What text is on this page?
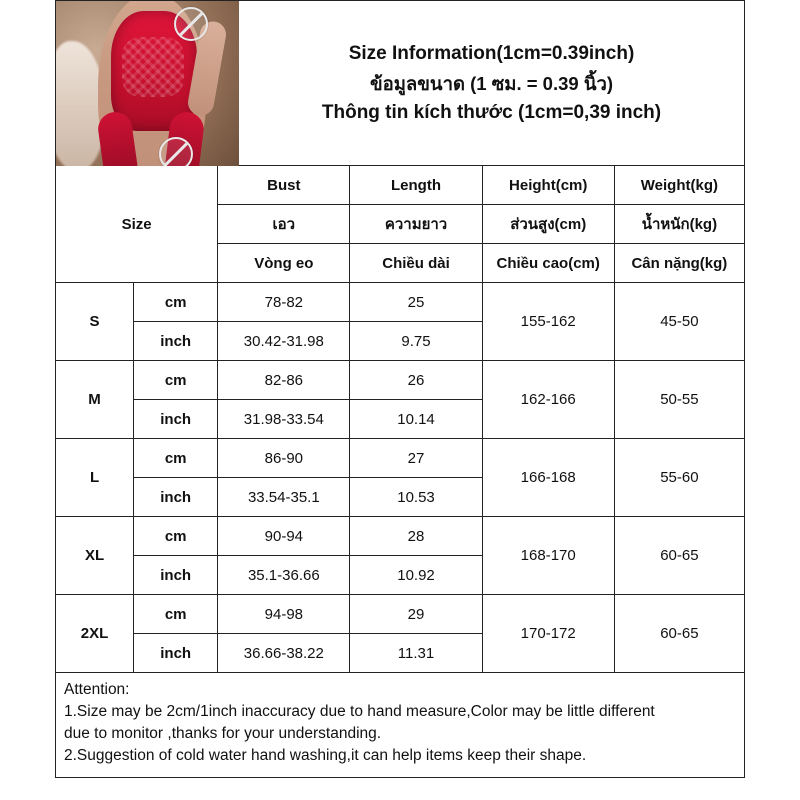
Size Information(1cm=0.39inch)
ข้อมูลขนาด (1 ซม. = 0.39 นิ้ว)
Thông tin kích thước (1cm=0,39 inch)
Size		Bust	Length	Height(cm)	Weight(kg)
		เอว	ความยาว	ส่วนสูง(cm)	น้ำหนัก(kg)
		Vòng eo	Chiều dài	Chiều cao(cm)	Cân nặng(kg)
S	cm	78-82	25	155-162	45-50
	inch	30.42-31.98	9.75		
M	cm	82-86	26	162-166	50-55
	inch	31.98-33.54	10.14		
L	cm	86-90	27	166-168	55-60
	inch	33.54-35.1	10.53		
XL	cm	90-94	28	168-170	60-65
	inch	35.1-36.66	10.92		
2XL	cm	94-98	29	170-172	60-65
	inch	36.66-38.22	11.31		

Attention:

1.Size may be 2cm/1inch inaccuracy due to hand measure,Color may be little different

due to monitor ,thanks for your understanding.

2.Suggestion of cold water hand washing,it can help items keep their shape.
